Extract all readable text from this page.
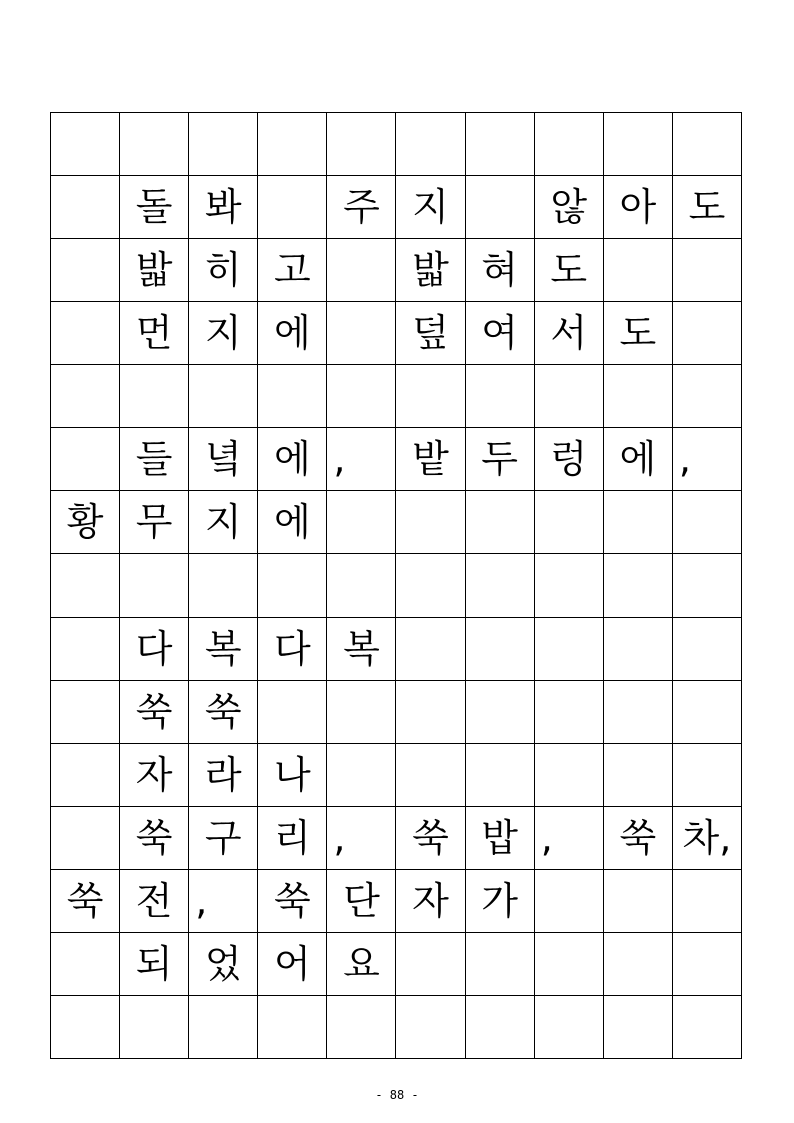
돌 봐	주 지	않 아 도
밟 히 고	밟 혀 도
먼 지 에	덮 여 서 도
들 녘 에 ,	밭 두 렁 에 ,
황 무 지 에
다 복 다 복
쑥 쑥
자 라 나
쑥 구 리 ,	쑥 밥 ,	쑥 차,
쑥 전 ,	쑥 단 자 가
되 었 어 요
- 88 -
